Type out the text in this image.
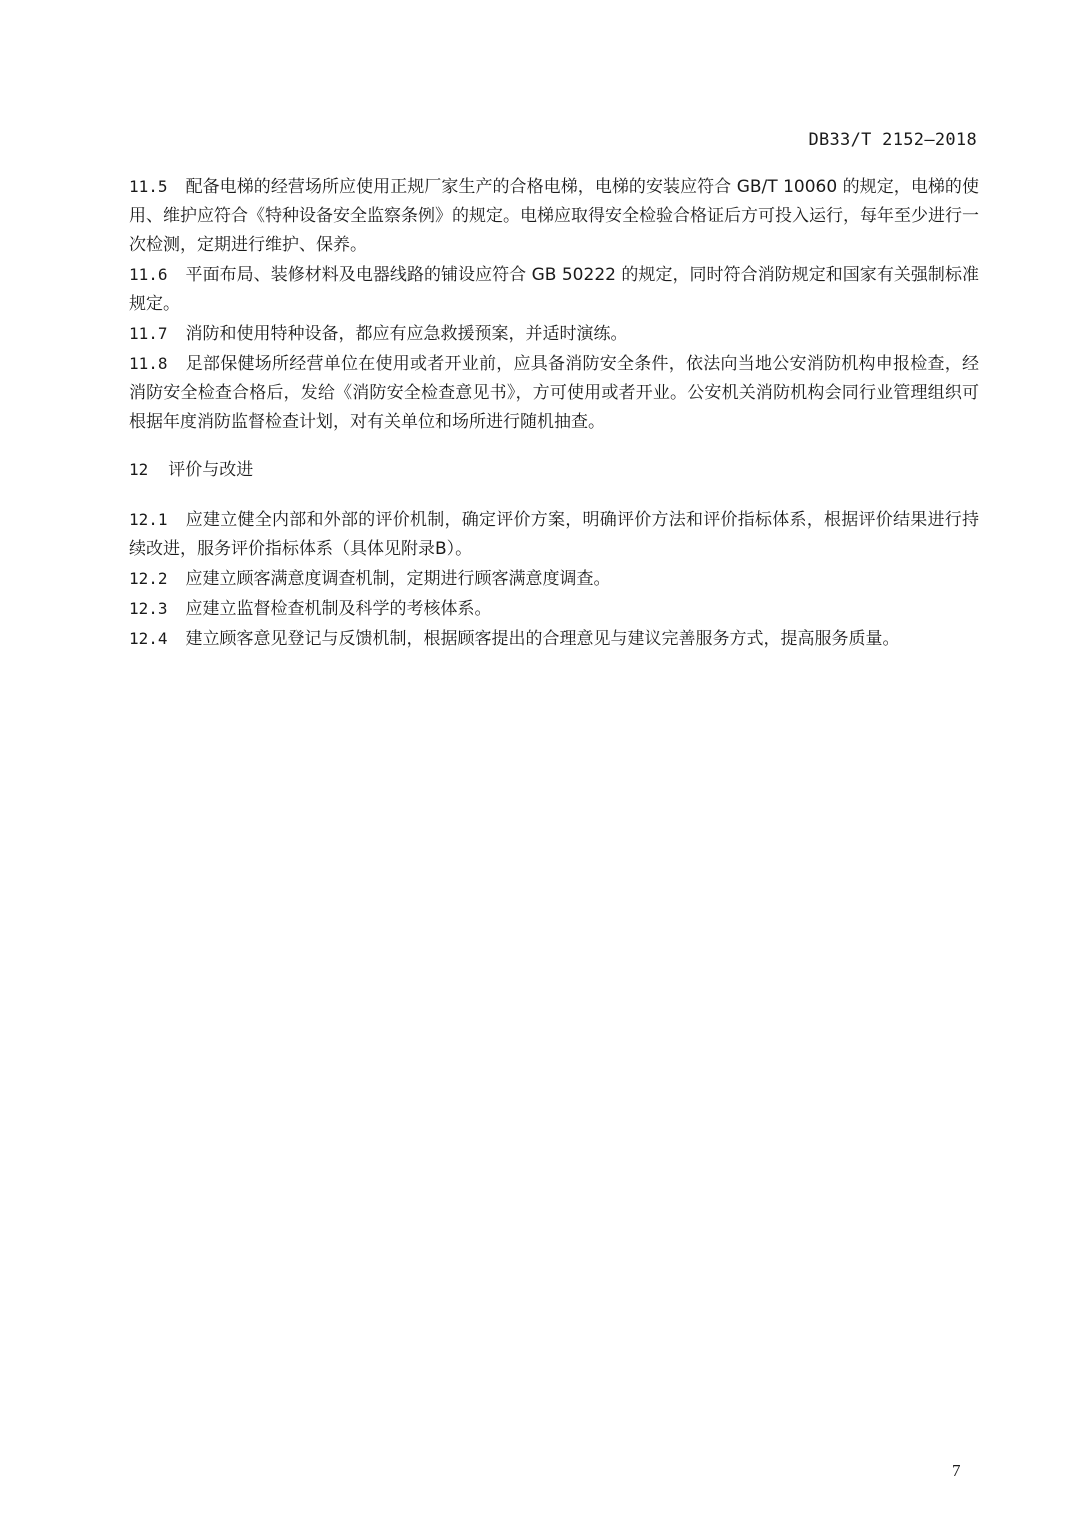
DB33/T 2152—2018

11.5 配备电梯的经营场所应使用正规厂家生产的合格电梯，电梯的安装应符合 GB/T 10060 的规定，电梯的使用、维护应符合《特种设备安全监察条例》的规定。电梯应取得安全检验合格证后方可投入运行，每年至少进行一次检测，定期进行维护、保养。

11.6 平面布局、装修材料及电器线路的铺设应符合 GB 50222 的规定，同时符合消防规定和国家有关强制标准规定。

11.7 消防和使用特种设备，都应有应急救援预案，并适时演练。

11.8 足部保健场所经营单位在使用或者开业前，应具备消防安全条件，依法向当地公安消防机构申报检查，经消防安全检查合格后，发给《消防安全检查意见书》，方可使用或者开业。公安机关消防机构会同行业管理组织可根据年度消防监督检查计划，对有关单位和场所进行随机抽查。

12 评价与改进

12.1 应建立健全内部和外部的评价机制，确定评价方案，明确评价方法和评价指标体系，根据评价结果进行持续改进，服务评价指标体系（具体见附录B）。

12.2 应建立顾客满意度调查机制，定期进行顾客满意度调查。

12.3 应建立监督检查机制及科学的考核体系。

12.4 建立顾客意见登记与反馈机制，根据顾客提出的合理意见与建议完善服务方式，提高服务质量。

7
